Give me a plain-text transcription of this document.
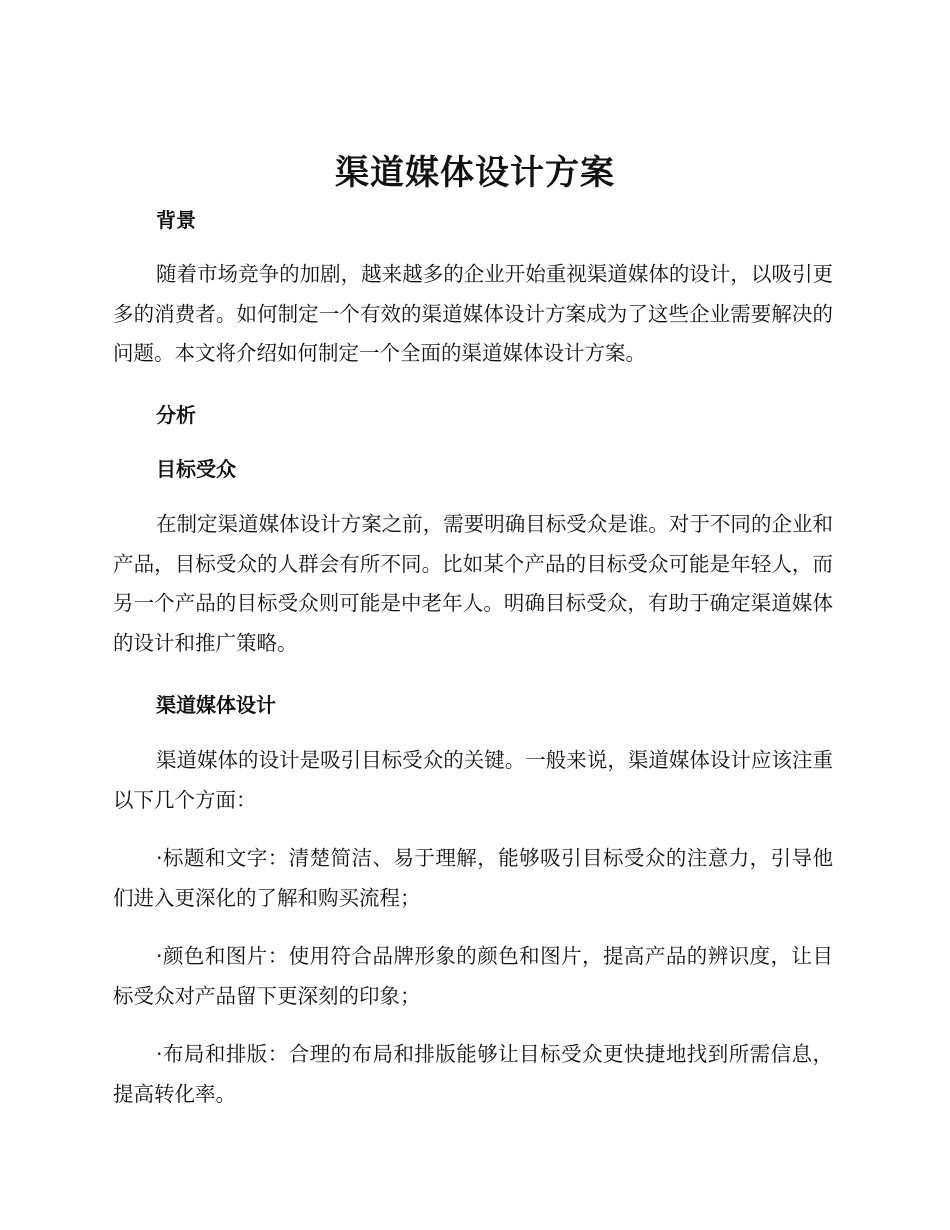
渠道媒体设计方案
背景

随着市场竞争的加剧，越来越多的企业开始重视渠道媒体的设计，以吸引更多的消费者。如何制定一个有效的渠道媒体设计方案成为了这些企业需要解决的问题。本文将介绍如何制定一个全面的渠道媒体设计方案。

分析
目标受众

在制定渠道媒体设计方案之前，需要明确目标受众是谁。对于不同的企业和产品，目标受众的人群会有所不同。比如某个产品的目标受众可能是年轻人，而另一个产品的目标受众则可能是中老年人。明确目标受众，有助于确定渠道媒体的设计和推广策略。

渠道媒体设计

渠道媒体的设计是吸引目标受众的关键。一般来说，渠道媒体设计应该注重以下几个方面：

·标题和文字：清楚简洁、易于理解，能够吸引目标受众的注意力，引导他们进入更深化的了解和购买流程；

·颜色和图片：使用符合品牌形象的颜色和图片，提高产品的辨识度，让目标受众对产品留下更深刻的印象；

·布局和排版：合理的布局和排版能够让目标受众更快捷地找到所需信息，提高转化率。
